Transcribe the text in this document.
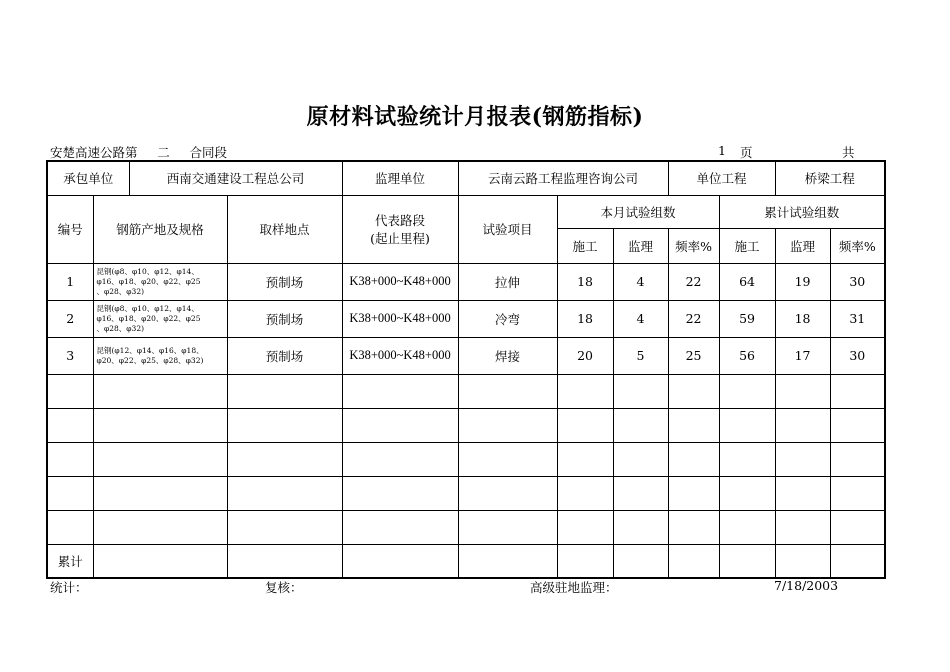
原材料试验统计月报表(钢筋指标)
安楚高速公路第 二 合同段	1 页	共
承包单位		西南交通建设工程总公司		监理单位	云南云路工程监理咨询公司			单位工程		桥梁工程	
编号	钢筋产地及规格		取样地点	代表路段
(起止里程)	试验项目	本月试验组数			累计试验组数		
						施工	监理	频率%	施工	监理	频率%
1	昆钢(φ8、φ10、φ12、φ14、
φ16、φ18、φ20、φ22、φ25
、φ28、φ32)		预制场	K38+000~K48+000	拉伸	18	4	22	64	19	30
2	昆钢(φ8、φ10、φ12、φ14、
φ16、φ18、φ20、φ22、φ25
、φ28、φ32)		预制场	K38+000~K48+000	冷弯	18	4	22	59	18	31
3	昆钢(φ12、φ14、φ16、φ18、
φ20、φ22、φ25、φ28、φ32)		预制场	K38+000~K48+000	焊接	20	5	25	56	17	30

累计											
统计：	复核：	高级驻地监理：	7/18/2003
